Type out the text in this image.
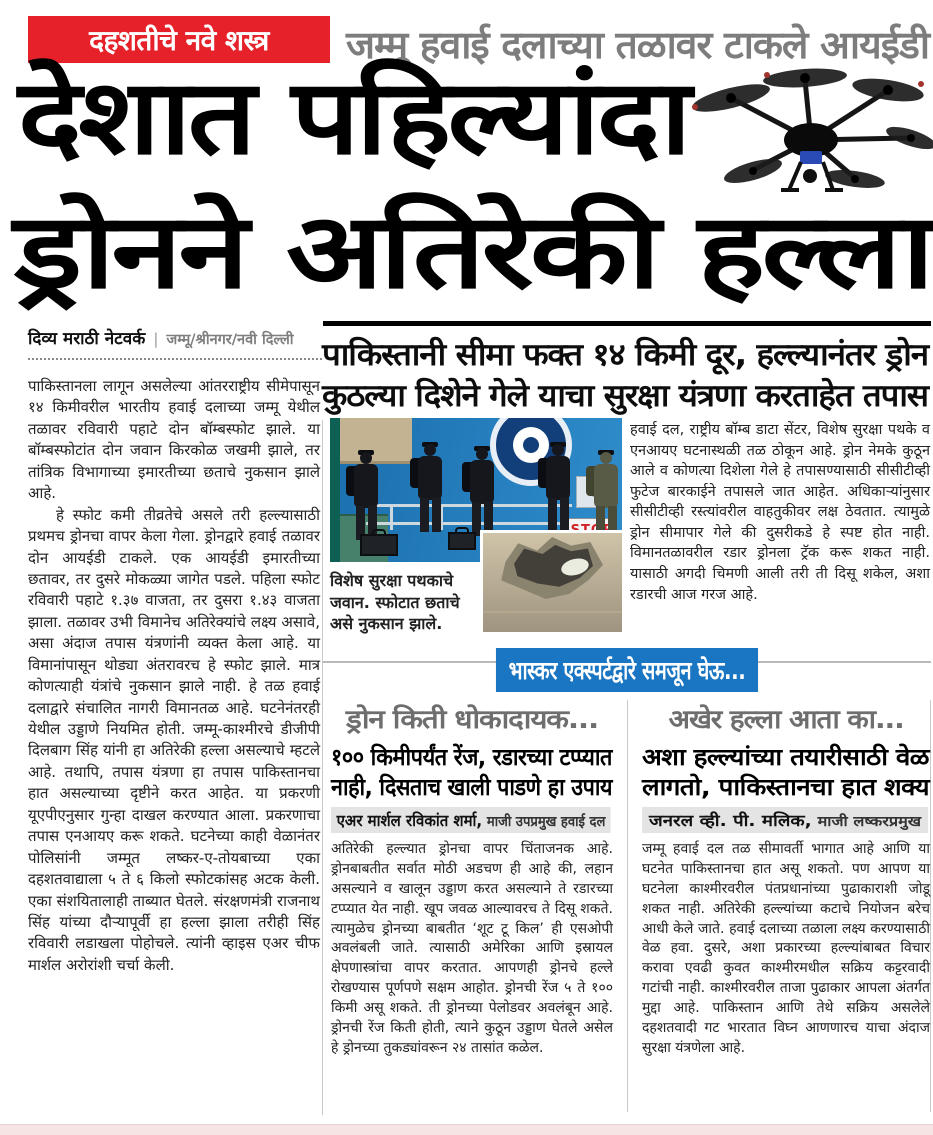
दहशतीचे नवे शस्त्र जम्मू हवाई दलाच्या तळावर टाकले आयईडी
देशात पहिल्यांदा
ड्रोनने अतिरेकी हल्ला
दिव्य मराठी नेटवर्क | जम्मू/श्रीनगर/नवी दिल्ली पाकिस्तानी सीमा फक्त १४ किमी दूर, हल्ल्यानंतर ड्रोन
कुठल्या दिशेने गेले याचा सुरक्षा यंत्रणा करताहेत तपास

पाकिस्तानला लागून असलेल्या आंतरराष्ट्रीय सीमेपासून १४ किमीवरील भारतीय हवाई दलाच्या जम्मू येथील तळावर रविवारी पहाटे दोन बॉम्बस्फोट झाले. या बॉम्बस्फोटांत दोन जवान किरकोळ जखमी झाले, तर तांत्रिक विभागाच्या इमारतीच्या छताचे नुकसान झाले आहे.

हे स्फोट कमी तीव्रतेचे असले तरी हल्ल्यासाठी प्रथमच ड्रोनचा वापर केला गेला. ड्रोनद्वारे हवाई तळावर दोन आयईडी टाकले. एक आयईडी इमारतीच्या छतावर, तर दुसरे मोकळ्या जागेत पडले. पहिला स्फोट रविवारी पहाटे १.३७ वाजता, तर दुसरा १.४३ वाजता झाला. तळावर उभी विमानेच अतिरेक्यांचे लक्ष्य असावे, असा अंदाज तपास यंत्रणांनी व्यक्त केला आहे. या विमानांपासून थोड्या अंतरावरच हे स्फोट झाले. मात्र कोणत्याही यंत्रांचे नुकसान झाले नाही. हे तळ हवाई दलाद्वारे संचालित नागरी विमानतळ आहे. घटनेनंतरही येथील उड्डाणे नियमित होती. जम्मू-काश्मीरचे डीजीपी दिलबाग सिंह यांनी हा अतिरेकी हल्ला असल्याचे म्हटले आहे. तथापि, तपास यंत्रणा हा तपास पाकिस्तानचा हात असल्याच्या दृष्टीने करत आहेत. या प्रकरणी यूएपीएनुसार गुन्हा दाखल करण्यात आला. प्रकरणाचा तपास एनआयए करू शकते. घटनेच्या काही वेळानंतर पोलिसांनी जम्मूत लष्कर-ए-तोयबाच्या एका दहशतवाद्याला ५ ते ६ किलो स्फोटकांसह अटक केली. एका संशयितालाही ताब्यात घेतले. संरक्षणमंत्री राजनाथ सिंह यांच्या दौऱ्यापूर्वी हा हल्ला झाला तरीही सिंह रविवारी लडाखला पोहोचले. त्यांनी व्हाइस एअर चीफ मार्शल अरोरांशी चर्चा केली.

विशेष सुरक्षा पथकाचे जवान. स्फोटात छताचे असे नुकसान झाले.
हवाई दल, राष्ट्रीय बॉम्ब डाटा सेंटर, विशेष सुरक्षा पथके व एनआयए घटनास्थळी तळ ठोकून आहे. ड्रोन नेमके कुठून आले व कोणत्या दिशेला गेले हे तपासण्यासाठी सीसीटीव्ही फुटेज बारकाईने तपासले जात आहेत. अधिकाऱ्यांनुसार सीसीटीव्ही रस्त्यांवरील वाहतुकीवर लक्ष ठेवतात. त्यामुळे ड्रोन सीमापार गेले की दुसरीकडे हे स्पष्ट होत नाही. विमानतळावरील रडार ड्रोनला ट्रॅक करू शकत नाही. यासाठी अगदी चिमणी आली तरी ती दिसू शकेल, अशा रडारची आज गरज आहे.
भास्कर एक्स्पर्टद्वारे समजून घेऊ...
ड्रोन किती धोकादायक...
१०० किमीपर्यंत रेंज, रडारच्या टप्प्यात
नाही, दिसताच खाली पाडणे हा उपाय
एअर मार्शल रविकांत शर्मा, माजी उपप्रमुख हवाई दल
अतिरेकी हल्ल्यात ड्रोनचा वापर चिंताजनक आहे. ड्रोनबाबतीत सर्वात मोठी अडचण ही आहे की, लहान असल्याने व खालून उड्डाण करत असल्याने ते रडारच्या टप्प्यात येत नाही. खूप जवळ आल्यावरच ते दिसू शकते. त्यामुळेच ड्रोनच्या बाबतीत ‘शूट टू किल’ ही एसओपी अवलंबली जाते. त्यासाठी अमेरिका आणि इस्रायल क्षेपणास्त्रांचा वापर करतात. आपणही ड्रोनचे हल्ले रोखण्यास पूर्णपणे सक्षम आहोत. ड्रोनची रेंज ५ ते १०० किमी असू शकते. ती ड्रोनच्या पेलोडवर अवलंबून आहे. ड्रोनची रेंज किती होती, त्याने कुठून उड्डाण घेतले असेल हे ड्रोनच्या तुकड्यांवरून २४ तासांत कळेल.
अखेर हल्ला आता का...
अशा हल्ल्यांच्या तयारीसाठी वेळ
लागतो, पाकिस्तानचा हात शक्य
जनरल व्ही. पी. मलिक, माजी लष्करप्रमुख
जम्मू हवाई दल तळ सीमावर्ती भागात आहे आणि या घटनेत पाकिस्तानचा हात असू शकतो. पण आपण या घटनेला काश्मीरवरील पंतप्रधानांच्या पुढाकाराशी जोडू शकत नाही. अतिरेकी हल्ल्यांच्या कटाचे नियोजन बरेच आधी केले जाते. हवाई दलाच्या तळाला लक्ष्य करण्यासाठी वेळ हवा. दुसरे, अशा प्रकारच्या हल्ल्यांबाबत विचार करावा एवढी कुवत काश्मीरमधील सक्रिय कट्टरवादी गटांची नाही. काश्मीरवरील ताजा पुढाकार आपला अंतर्गत मुद्दा आहे. पाकिस्तान आणि तेथे सक्रिय असलेले दहशतवादी गट भारतात विघ्न आणणारच याचा अंदाज सुरक्षा यंत्रणेला आहे.
